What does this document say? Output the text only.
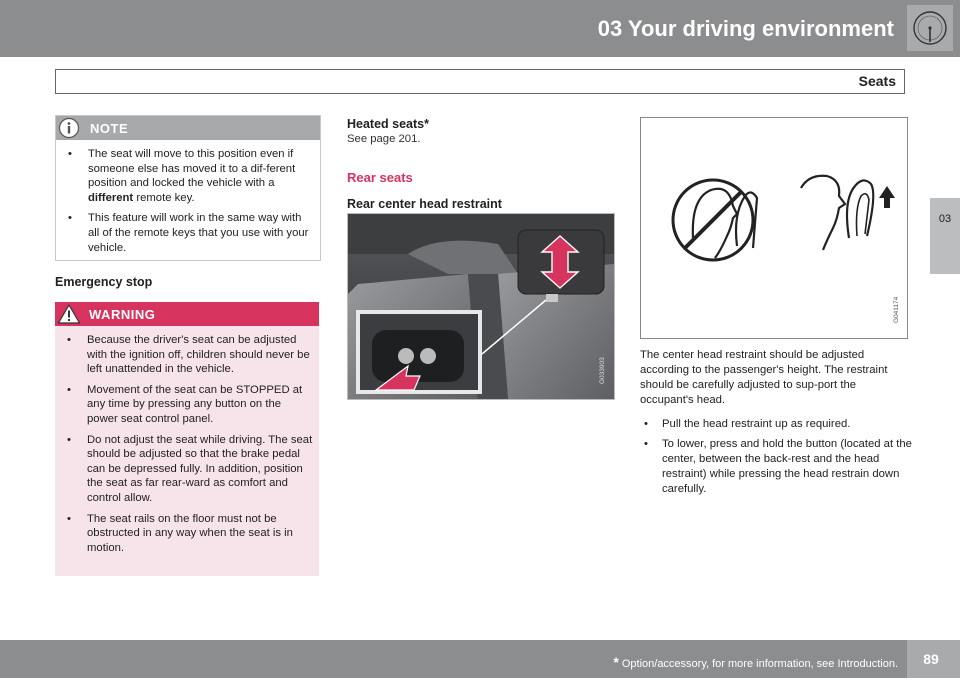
03 Your driving environment
Seats
03
NOTE
• The seat will move to this position even if someone else has moved it to a dif-ferent position and locked the vehicle with a different remote key.
• This feature will work in the same way with all of the remote keys that you use with your vehicle.
Emergency stop
WARNING
• Because the driver's seat can be adjusted with the ignition off, children should never be left unattended in the vehicle.
• Movement of the seat can be STOPPED at any time by pressing any button on the power seat control panel.
• Do not adjust the seat while driving. The seat should be adjusted so that the brake pedal can be depressed fully. In addition, position the seat as far rear-ward as comfort and control allow.
• The seat rails on the floor must not be obstructed in any way when the seat is in motion.
Heated seats*
See page 201.
Rear seats
Rear center head restraint
G033903
G041174
The center head restraint should be adjusted according to the passenger's height. The restraint should be carefully adjusted to sup-port the occupant's head.
• Pull the head restraint up as required.
• To lower, press and hold the button (located at the center, between the back-rest and the head restraint) while pressing the head restrain down carefully.
* Option/accessory, for more information, see Introduction.	89
